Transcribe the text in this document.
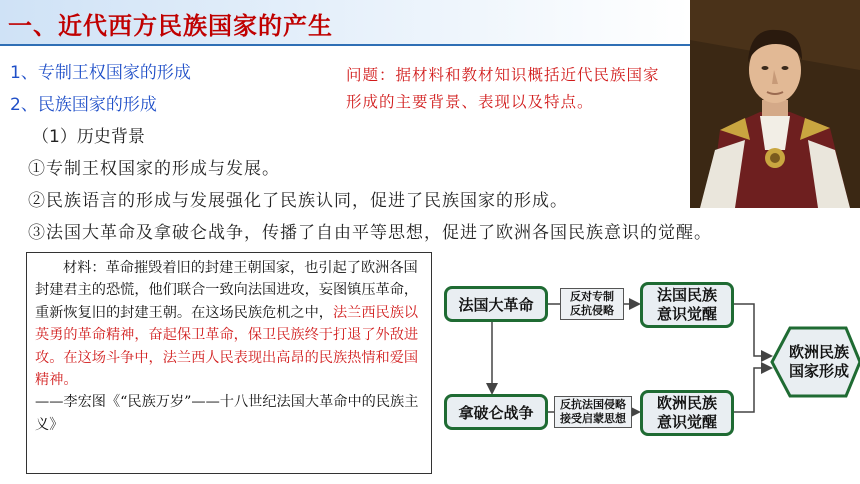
一、近代西方民族国家的产生
1、专制王权国家的形成
2、民族国家的形成
（1）历史背景
①专制王权国家的形成与发展。
②民族语言的形成与发展强化了民族认同，促进了民族国家的形成。
③法国大革命及拿破仑战争，传播了自由平等思想，促进了欧洲各国民族意识的觉醒。
问题：据材料和教材知识概括近代民族国家形成的主要背景、表现以及特点。

材料：革命摧毁着旧的封建王朝国家，也引起了欧洲各国封建君主的恐慌，他们联合一致向法国进攻，妄图镇压革命，重新恢复旧的封建王朝。在这场民族危机之中，法兰西民族以英勇的革命精神，奋起保卫革命，保卫民族终于打退了外敌进攻。在这场斗争中，法兰西人民表现出高昂的民族热情和爱国精神。

——李宏图《“民族万岁”——十八世纪法国大革命中的民族主义》

法国大革命
拿破仑战争
反对专制
反抗侵略
反抗法国侵略
接受启蒙思想
法国民族
意识觉醒
欧洲民族
意识觉醒
欧洲民族
国家形成
